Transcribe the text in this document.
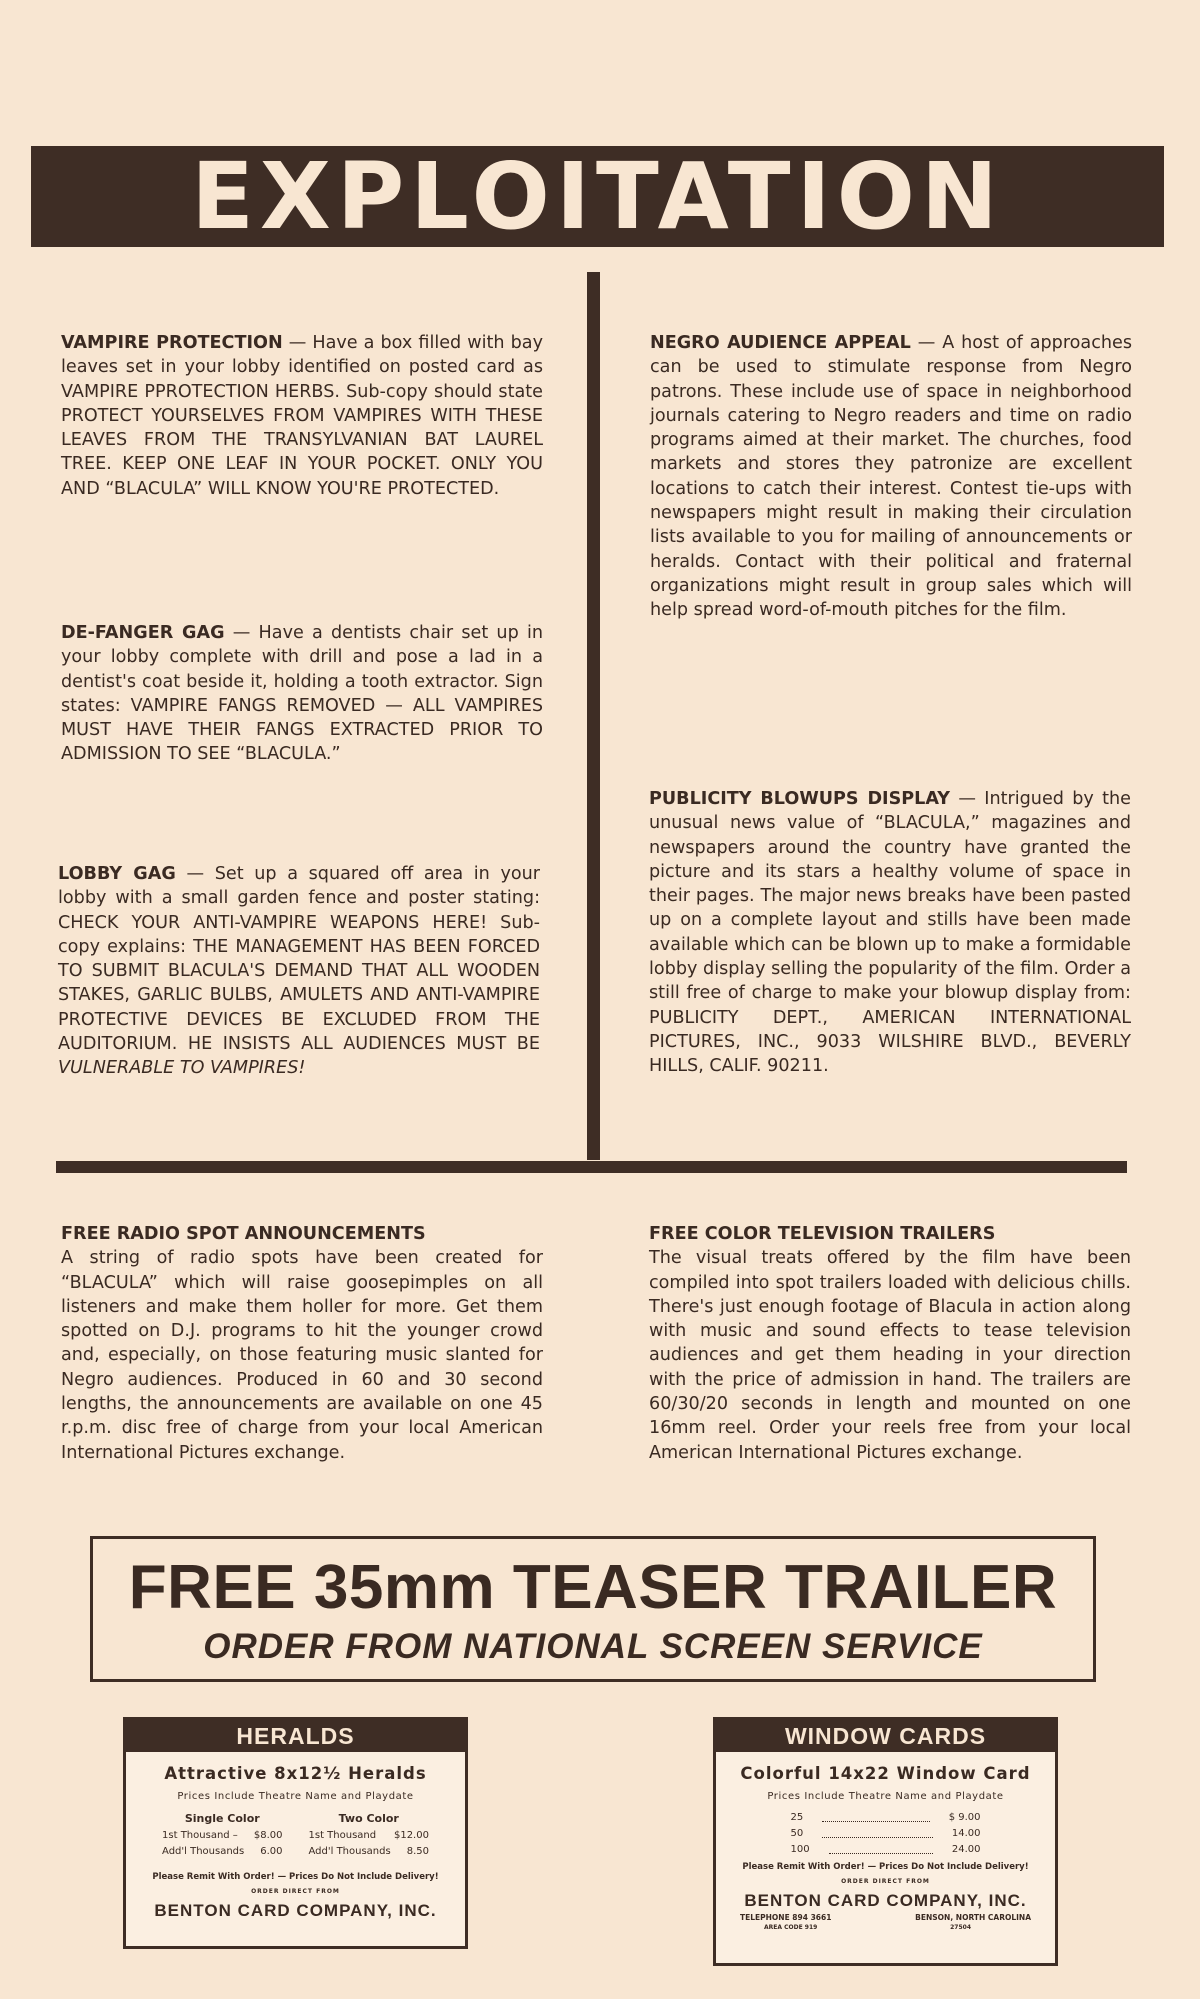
EXPLOITATION
VAMPIRE PROTECTION — Have a box filled with bay leaves set in your lobby identified on posted card as VAMPIRE PPROTECTION HERBS. Sub-copy should state PROTECT YOURSELVES FROM VAMPIRES WITH THESE LEAVES FROM THE TRANSYLVANIAN BAT LAUREL TREE. KEEP ONE LEAF IN YOUR POCKET. ONLY YOU AND “BLACULA” WILL KNOW YOU'RE PROTECTED.
DE-FANGER GAG — Have a dentists chair set up in your lobby complete with drill and pose a lad in a dentist's coat beside it, holding a tooth extractor. Sign states: VAMPIRE FANGS REMOVED — ALL VAMPIRES MUST HAVE THEIR FANGS EXTRACTED PRIOR TO ADMISSION TO SEE “BLACULA.”
LOBBY GAG — Set up a squared off area in your lobby with a small garden fence and poster stating: CHECK YOUR ANTI-VAMPIRE WEAPONS HERE! Sub-copy explains: THE MANAGEMENT HAS BEEN FORCED TO SUBMIT BLACULA'S DEMAND THAT ALL WOODEN STAKES, GARLIC BULBS, AMULETS AND ANTI-VAMPIRE PROTECTIVE DEVICES BE EXCLUDED FROM THE AUDITORIUM. HE INSISTS ALL AUDIENCES MUST BE VULNERABLE TO VAMPIRES!
NEGRO AUDIENCE APPEAL — A host of approaches can be used to stimulate response from Negro patrons. These include use of space in neighborhood journals catering to Negro readers and time on radio programs aimed at their market. The churches, food markets and stores they patronize are excellent locations to catch their interest. Contest tie-ups with newspapers might result in making their circulation lists available to you for mailing of announcements or heralds. Contact with their political and fraternal organizations might result in group sales which will help spread word-of-mouth pitches for the film.
PUBLICITY BLOWUPS DISPLAY — Intrigued by the unusual news value of “BLACULA,” magazines and newspapers around the country have granted the picture and its stars a healthy volume of space in their pages. The major news breaks have been pasted up on a complete layout and stills have been made available which can be blown up to make a formidable lobby display selling the popularity of the film. Order a still free of charge to make your blowup display from: PUBLICITY DEPT., AMERICAN INTERNATIONAL PICTURES, INC., 9033 WILSHIRE BLVD., BEVERLY HILLS, CALIF. 90211.
FREE RADIO SPOT ANNOUNCEMENTS
A string of radio spots have been created for “BLACULA” which will raise goosepimples on all listeners and make them holler for more. Get them spotted on D.J. programs to hit the younger crowd and, especially, on those featuring music slanted for Negro audiences. Produced in 60 and 30 second lengths, the announcements are available on one 45 r.p.m. disc free of charge from your local American International Pictures exchange.
FREE COLOR TELEVISION TRAILERS
The visual treats offered by the film have been compiled into spot trailers loaded with delicious chills. There's just enough footage of Blacula in action along with music and sound effects to tease television audiences and get them heading in your direction with the price of admission in hand. The trailers are 60/30/20 seconds in length and mounted on one 16mm reel. Order your reels free from your local American International Pictures exchange.
FREE 35mm TEASER TRAILER
ORDER FROM NATIONAL SCREEN SERVICE
HERALDS
Attractive 8x12½ Heralds
Prices Include Theatre Name and Playdate
Single Color
1st Thousand – $8.00
Add'l Thousands 6.00
Two Color
1st Thousand $12.00
Add'l Thousands 8.50
Please Remit With Order! — Prices Do Not Include Delivery!
ORDER DIRECT FROM
BENTON CARD COMPANY, INC.
WINDOW CARDS
Colorful 14x22 Window Card
Prices Include Theatre Name and Playdate
25	$ 9.00
50	14.00
100	24.00
Please Remit With Order! — Prices Do Not Include Delivery!
ORDER DIRECT FROM
BENTON CARD COMPANY, INC.
TELEPHONE 894 3661	BENSON, NORTH CAROLINA
AREA CODE 919	27504
